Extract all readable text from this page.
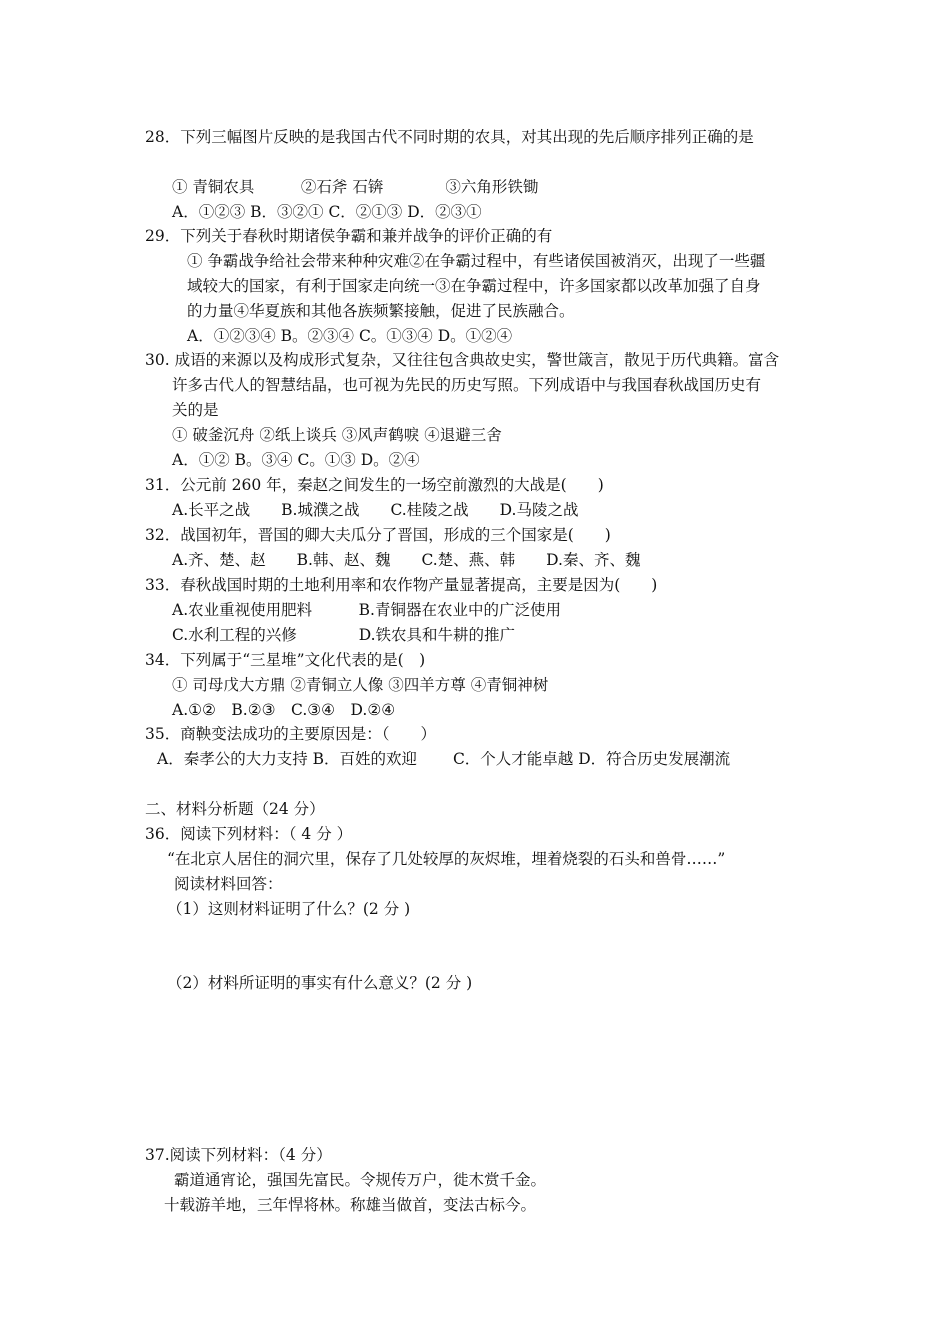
28．下列三幅图片反映的是我国古代不同时期的农具，对其出现的先后顺序排列正确的是
① 青铜农具　　　②石斧 石锛　　　　③六角形铁锄
A．①②③ B．③②① C．②①③ D．②③①
29．下列关于春秋时期诸侯争霸和兼并战争的评价正确的有
① 争霸战争给社会带来种种灾难②在争霸过程中，有些诸侯国被消灭，出现了一些疆
域较大的国家，有利于国家走向统一③在争霸过程中，许多国家都以改革加强了自身
的力量④华夏族和其他各族频繁接触，促进了民族融合。
A．①②③④ B。②③④ C。①③④ D。①②④
30. 成语的来源以及构成形式复杂，又往往包含典故史实，警世箴言，散见于历代典籍。富含
许多古代人的智慧结晶，也可视为先民的历史写照。下列成语中与我国春秋战国历史有
关的是
① 破釜沉舟 ②纸上谈兵 ③风声鹤唳 ④退避三舍
A．①② B。③④ C。①③ D。②④
31．公元前 260 年，秦赵之间发生的一场空前激烈的大战是(　　)
A.长平之战　　B.城濮之战　　C.桂陵之战　　D.马陵之战
32．战国初年，晋国的卿大夫瓜分了晋国，形成的三个国家是(　　)
A.齐、楚、赵　　B.韩、赵、魏　　C.楚、燕、韩　　D.秦、齐、魏
33．春秋战国时期的土地利用率和农作物产量显著提高，主要是因为(　　)
A.农业重视使用肥料　　　B.青铜器在农业中的广泛使用
C.水利工程的兴修　　　　D.铁农具和牛耕的推广
34．下列属于“三星堆”文化代表的是(　)
① 司母戊大方鼎 ②青铜立人像 ③四羊方尊 ④青铜神树
A.①②　B.②③　C.③④　D.②④
35．商鞅变法成功的主要原因是：（　　）
A．秦孝公的大力支持 B．百姓的欢迎　　 C．个人才能卓越 D．符合历史发展潮流
二、材料分析题（24 分）
36．阅读下列材料：（ 4 分 ）
“在北京人居住的洞穴里，保存了几处较厚的灰烬堆，埋着烧裂的石头和兽骨……”
阅读材料回答：
（1）这则材料证明了什么？(2 分 )
（2）材料所证明的事实有什么意义？(2 分 )
37.阅读下列材料：（4 分）
霸道通宵论，强国先富民。令规传万户，徙木赏千金。
十载游羊地，三年悍将林。称雄当做首，变法古标今。
